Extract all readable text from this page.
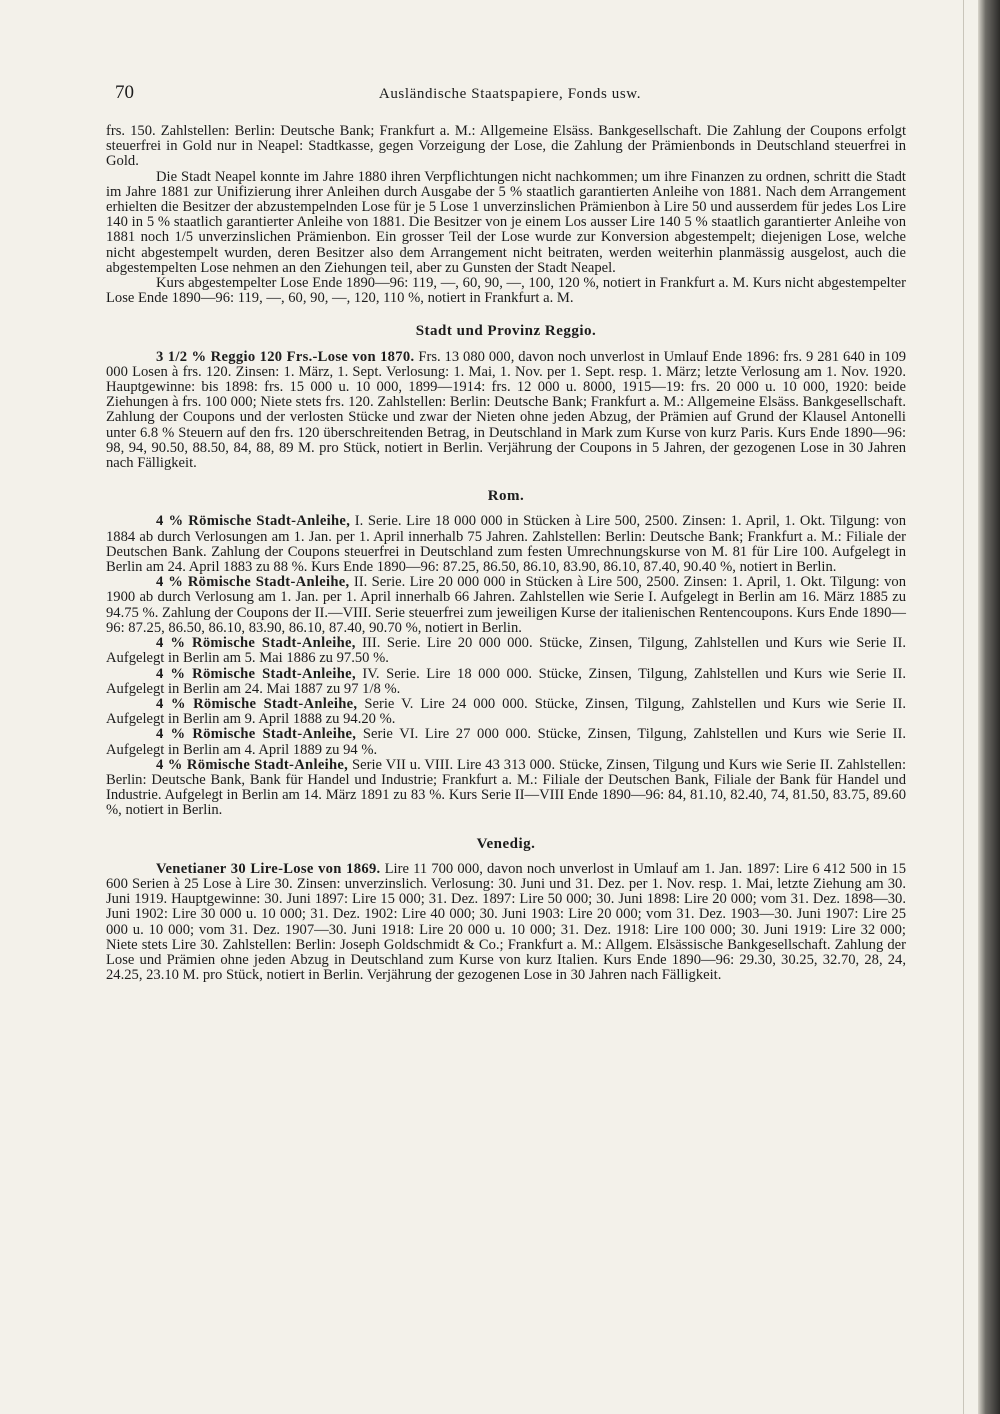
70	Ausländische Staatspapiere, Fonds usw.

frs. 150. Zahlstellen: Berlin: Deutsche Bank; Frankfurt a. M.: Allgemeine Elsäss. Bankgesellschaft. Die Zahlung der Coupons erfolgt steuerfrei in Gold nur in Neapel: Stadtkasse, gegen Vorzeigung der Lose, die Zahlung der Prämienbonds in Deutschland steuerfrei in Gold.

Die Stadt Neapel konnte im Jahre 1880 ihren Verpflichtungen nicht nachkommen; um ihre Finanzen zu ordnen, schritt die Stadt im Jahre 1881 zur Unifizierung ihrer Anleihen durch Ausgabe der 5 % staatlich garantierten Anleihe von 1881. Nach dem Arrangement erhielten die Besitzer der abzustempelnden Lose für je 5 Lose 1 unverzinslichen Prämienbon à Lire 50 und ausserdem für jedes Los Lire 140 in 5 % staatlich garantierter Anleihe von 1881. Die Besitzer von je einem Los ausser Lire 140 5 % staatlich garantierter Anleihe von 1881 noch 1/5 unverzinslichen Prämienbon. Ein grosser Teil der Lose wurde zur Konversion abgestempelt; diejenigen Lose, welche nicht abgestempelt wurden, deren Besitzer also dem Arrangement nicht beitraten, werden weiterhin planmässig ausgelost, auch die abgestempelten Lose nehmen an den Ziehungen teil, aber zu Gunsten der Stadt Neapel.

Kurs abgestempelter Lose Ende 1890—96: 119, —, 60, 90, —, 100, 120 %, notiert in Frankfurt a. M. Kurs nicht abgestempelter Lose Ende 1890—96: 119, —, 60, 90, —, 120, 110 %, notiert in Frankfurt a. M.

Stadt und Provinz Reggio.

3 1/2 % Reggio 120 Frs.-Lose von 1870. Frs. 13 080 000, davon noch unverlost in Umlauf Ende 1896: frs. 9 281 640 in 109 000 Losen à frs. 120. Zinsen: 1. März, 1. Sept. Verlosung: 1. Mai, 1. Nov. per 1. Sept. resp. 1. März; letzte Verlosung am 1. Nov. 1920. Hauptgewinne: bis 1898: frs. 15 000 u. 10 000, 1899—1914: frs. 12 000 u. 8000, 1915—19: frs. 20 000 u. 10 000, 1920: beide Ziehungen à frs. 100 000; Niete stets frs. 120. Zahlstellen: Berlin: Deutsche Bank; Frankfurt a. M.: Allgemeine Elsäss. Bankgesellschaft. Zahlung der Coupons und der verlosten Stücke und zwar der Nieten ohne jeden Abzug, der Prämien auf Grund der Klausel Antonelli unter 6.8 % Steuern auf den frs. 120 überschreitenden Betrag, in Deutschland in Mark zum Kurse von kurz Paris. Kurs Ende 1890—96: 98, 94, 90.50, 88.50, 84, 88, 89 M. pro Stück, notiert in Berlin. Verjährung der Coupons in 5 Jahren, der gezogenen Lose in 30 Jahren nach Fälligkeit.

Rom.

4 % Römische Stadt-Anleihe, I. Serie. Lire 18 000 000 in Stücken à Lire 500, 2500. Zinsen: 1. April, 1. Okt. Tilgung: von 1884 ab durch Verlosungen am 1. Jan. per 1. April innerhalb 75 Jahren. Zahlstellen: Berlin: Deutsche Bank; Frankfurt a. M.: Filiale der Deutschen Bank. Zahlung der Coupons steuerfrei in Deutschland zum festen Umrechnungskurse von M. 81 für Lire 100. Aufgelegt in Berlin am 24. April 1883 zu 88 %. Kurs Ende 1890—96: 87.25, 86.50, 86.10, 83.90, 86.10, 87.40, 90.40 %, notiert in Berlin.

4 % Römische Stadt-Anleihe, II. Serie. Lire 20 000 000 in Stücken à Lire 500, 2500. Zinsen: 1. April, 1. Okt. Tilgung: von 1900 ab durch Verlosung am 1. Jan. per 1. April innerhalb 66 Jahren. Zahlstellen wie Serie I. Aufgelegt in Berlin am 16. März 1885 zu 94.75 %. Zahlung der Coupons der II.—VIII. Serie steuerfrei zum jeweiligen Kurse der italienischen Rentencoupons. Kurs Ende 1890—96: 87.25, 86.50, 86.10, 83.90, 86.10, 87.40, 90.70 %, notiert in Berlin.

4 % Römische Stadt-Anleihe, III. Serie. Lire 20 000 000. Stücke, Zinsen, Tilgung, Zahlstellen und Kurs wie Serie II. Aufgelegt in Berlin am 5. Mai 1886 zu 97.50 %.

4 % Römische Stadt-Anleihe, IV. Serie. Lire 18 000 000. Stücke, Zinsen, Tilgung, Zahlstellen und Kurs wie Serie II. Aufgelegt in Berlin am 24. Mai 1887 zu 97 1/8 %.

4 % Römische Stadt-Anleihe, Serie V. Lire 24 000 000. Stücke, Zinsen, Tilgung, Zahlstellen und Kurs wie Serie II. Aufgelegt in Berlin am 9. April 1888 zu 94.20 %.

4 % Römische Stadt-Anleihe, Serie VI. Lire 27 000 000. Stücke, Zinsen, Tilgung, Zahlstellen und Kurs wie Serie II. Aufgelegt in Berlin am 4. April 1889 zu 94 %.

4 % Römische Stadt-Anleihe, Serie VII u. VIII. Lire 43 313 000. Stücke, Zinsen, Tilgung und Kurs wie Serie II. Zahlstellen: Berlin: Deutsche Bank, Bank für Handel und Industrie; Frankfurt a. M.: Filiale der Deutschen Bank, Filiale der Bank für Handel und Industrie. Aufgelegt in Berlin am 14. März 1891 zu 83 %. Kurs Serie II—VIII Ende 1890—96: 84, 81.10, 82.40, 74, 81.50, 83.75, 89.60 %, notiert in Berlin.

Venedig.

Venetianer 30 Lire-Lose von 1869. Lire 11 700 000, davon noch unverlost in Umlauf am 1. Jan. 1897: Lire 6 412 500 in 15 600 Serien à 25 Lose à Lire 30. Zinsen: unverzinslich. Verlosung: 30. Juni und 31. Dez. per 1. Nov. resp. 1. Mai, letzte Ziehung am 30. Juni 1919. Hauptgewinne: 30. Juni 1897: Lire 15 000; 31. Dez. 1897: Lire 50 000; 30. Juni 1898: Lire 20 000; vom 31. Dez. 1898—30. Juni 1902: Lire 30 000 u. 10 000; 31. Dez. 1902: Lire 40 000; 30. Juni 1903: Lire 20 000; vom 31. Dez. 1903—30. Juni 1907: Lire 25 000 u. 10 000; vom 31. Dez. 1907—30. Juni 1918: Lire 20 000 u. 10 000; 31. Dez. 1918: Lire 100 000; 30. Juni 1919: Lire 32 000; Niete stets Lire 30. Zahlstellen: Berlin: Joseph Goldschmidt & Co.; Frankfurt a. M.: Allgem. Elsässische Bankgesellschaft. Zahlung der Lose und Prämien ohne jeden Abzug in Deutschland zum Kurse von kurz Italien. Kurs Ende 1890—96: 29.30, 30.25, 32.70, 28, 24, 24.25, 23.10 M. pro Stück, notiert in Berlin. Verjährung der gezogenen Lose in 30 Jahren nach Fälligkeit.
